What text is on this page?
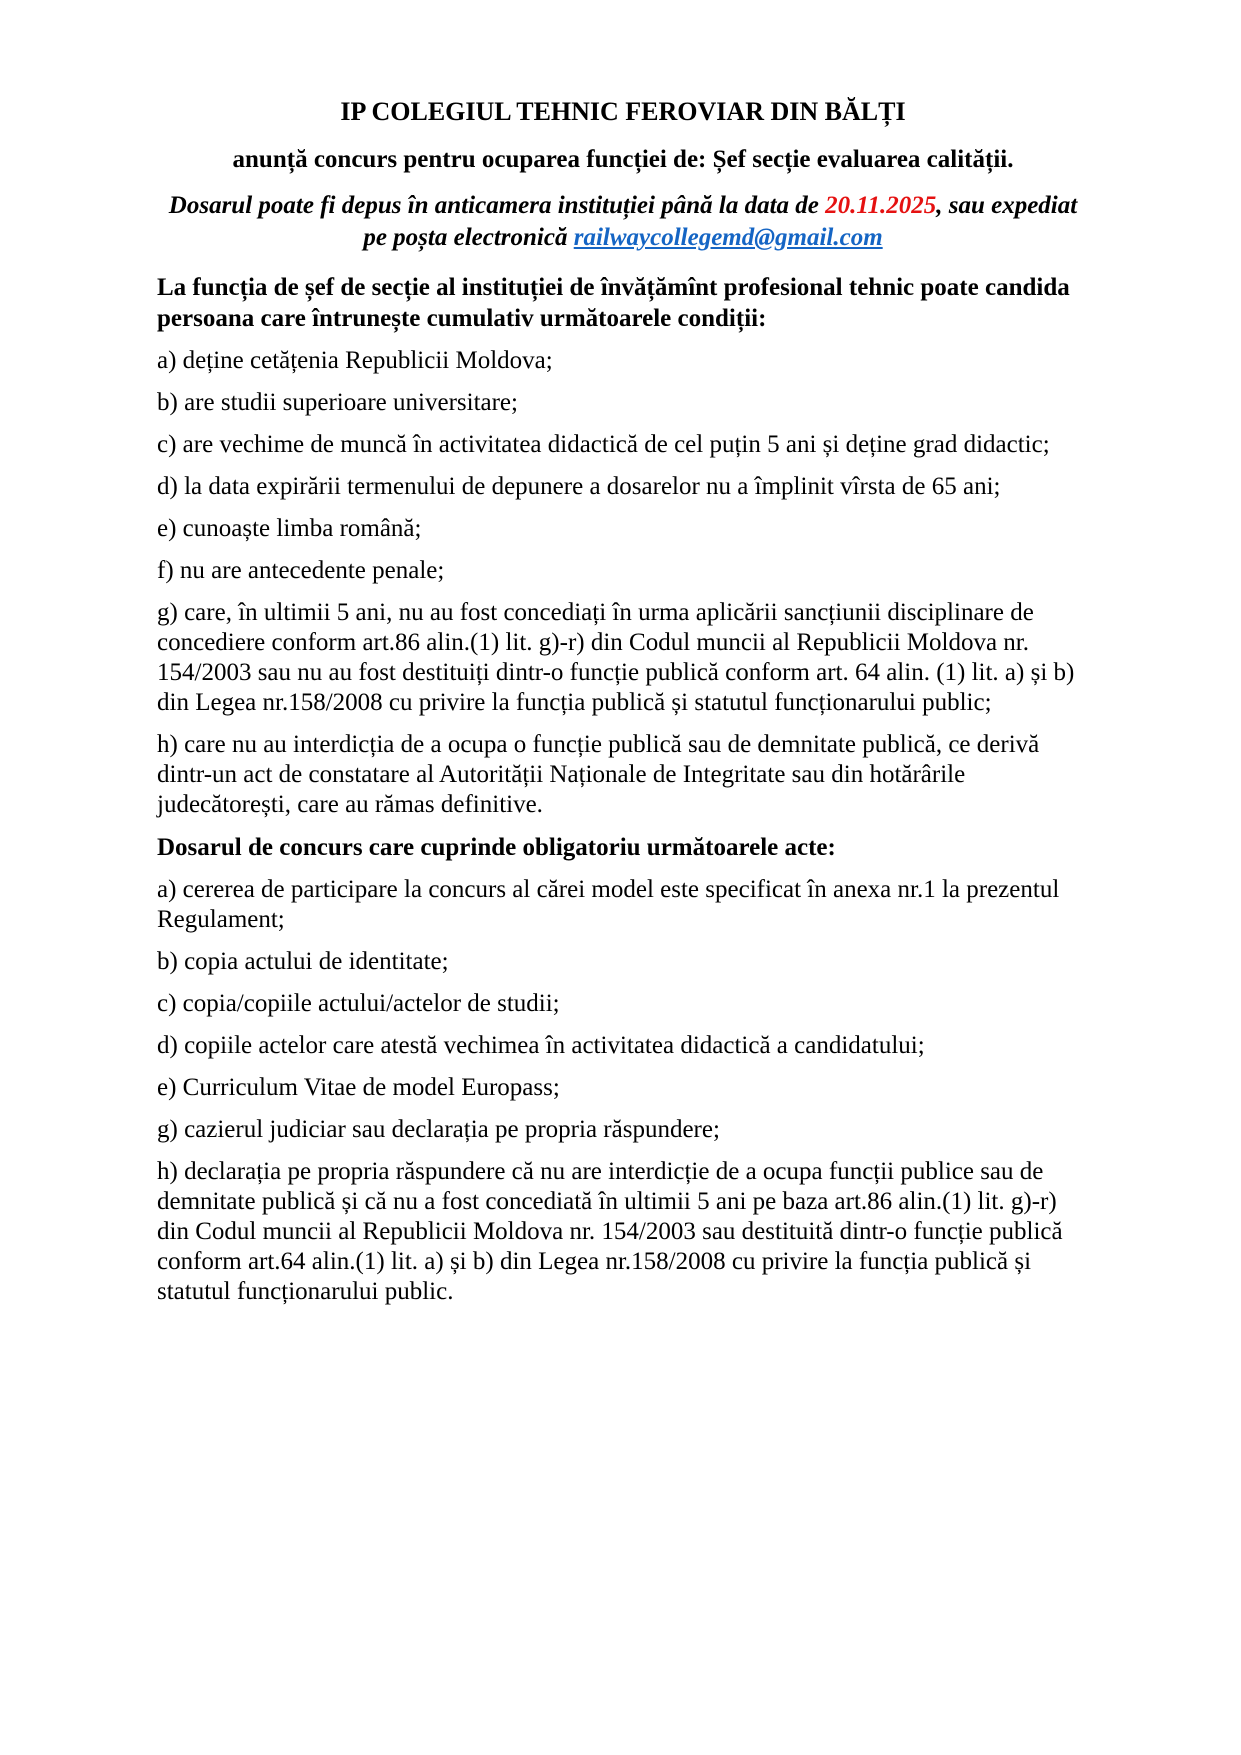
IP COLEGIUL TEHNIC FEROVIAR DIN BĂLȚI
anunță concurs pentru ocuparea funcției de: Șef secție evaluarea calității.

Dosarul poate fi depus în anticamera instituției până la data de 20.11.2025, sau expediat pe poșta electronică railwaycollegemd@gmail.com

La funcția de șef de secție al instituției de învățămînt profesional tehnic poate candida persoana care întrunește cumulativ următoarele condiții:

a) deține cetățenia Republicii Moldova;

b) are studii superioare universitare;

c) are vechime de muncă în activitatea didactică de cel puțin 5 ani și deține grad didactic;

d) la data expirării termenului de depunere a dosarelor nu a împlinit vîrsta de 65 ani;

e) cunoaște limba română;

f) nu are antecedente penale;

g) care, în ultimii 5 ani, nu au fost concediați în urma aplicării sancțiunii disciplinare de concediere conform art.86 alin.(1) lit. g)-r) din Codul muncii al Republicii Moldova nr. 154/2003 sau nu au fost destituiți dintr-o funcție publică conform art. 64 alin. (1) lit. a) și b) din Legea nr.158/2008 cu privire la funcția publică și statutul funcționarului public;

h) care nu au interdicția de a ocupa o funcție publică sau de demnitate publică, ce derivă dintr-un act de constatare al Autorității Naționale de Integritate sau din hotărârile judecătorești, care au rămas definitive.

Dosarul de concurs care cuprinde obligatoriu următoarele acte:

a) cererea de participare la concurs al cărei model este specificat în anexa nr.1 la prezentul Regulament;

b) copia actului de identitate;

c) copia/copiile actului/actelor de studii;

d) copiile actelor care atestă vechimea în activitatea didactică a candidatului;

e) Curriculum Vitae de model Europass;

g) cazierul judiciar sau declarația pe propria răspundere;

h) declarația pe propria răspundere că nu are interdicție de a ocupa funcții publice sau de demnitate publică și că nu a fost concediată în ultimii 5 ani pe baza art.86 alin.(1) lit. g)-r) din Codul muncii al Republicii Moldova nr. 154/2003 sau destituită dintr-o funcție publică conform art.64 alin.(1) lit. a) și b) din Legea nr.158/2008 cu privire la funcția publică și statutul funcționarului public.
